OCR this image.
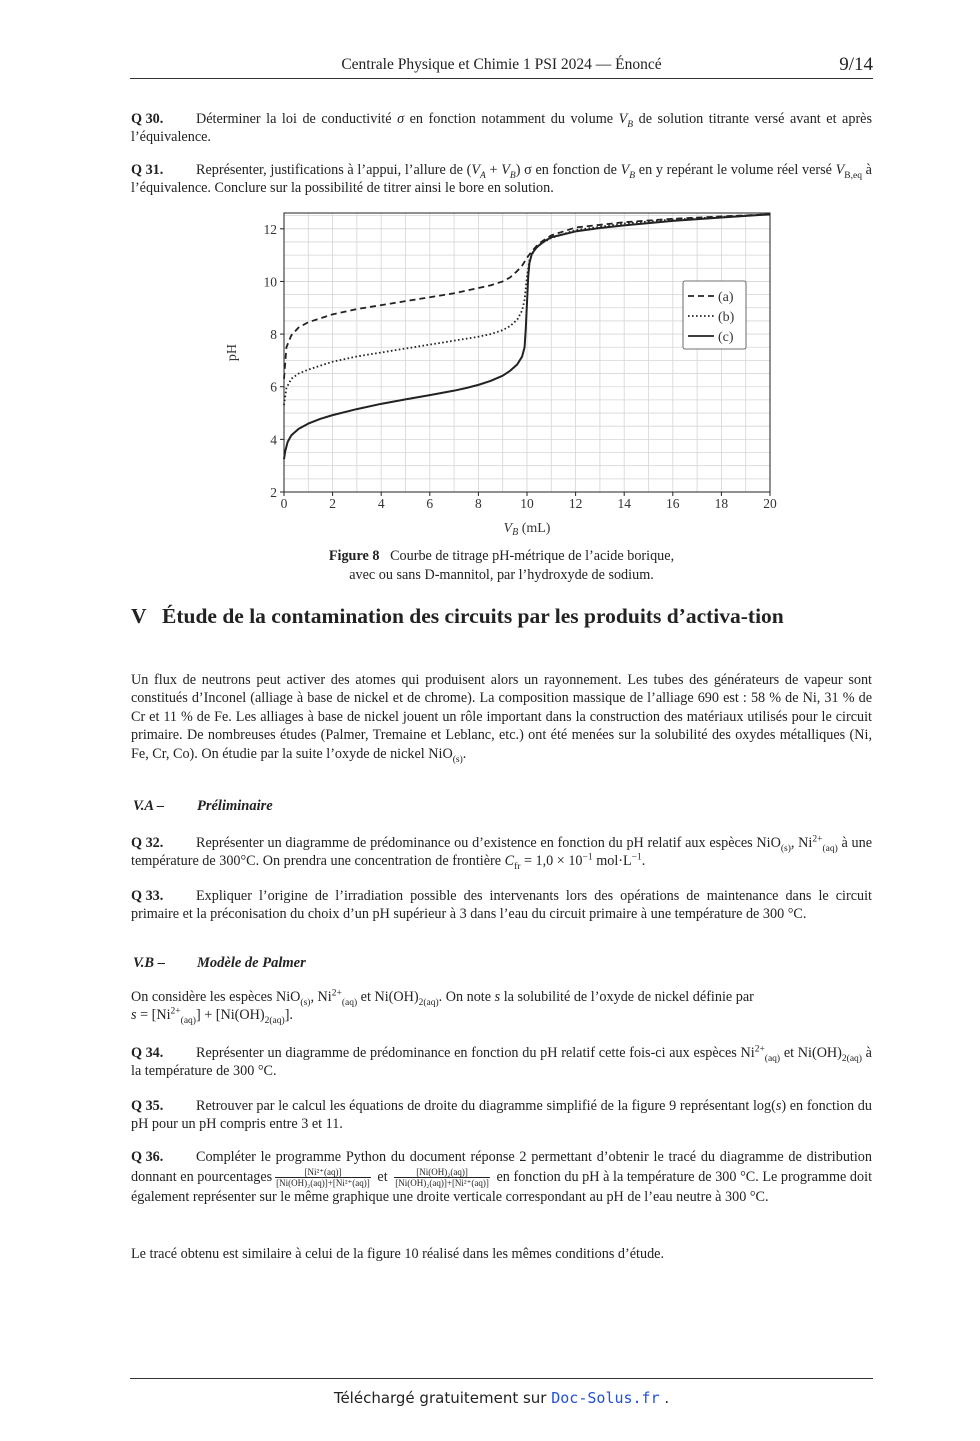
Centrale Physique et Chimie 1 PSI 2024 — Énoncé	9/14
Q 30. Déterminer la loi de conductivité σ en fonction notamment du volume $V_B$ de solution titrante versé avant et après l’équivalence.
Q 31. Représenter, justifications à l’appui, l’allure de $(V_A + V_B)$ σ en fonction de $V_B$ en y repérant le volume réel versé $V_{B,eq}$ à l’équivalence. Conclure sur la possibilité de titrer ainsi le bore en solution.
0	2	4	6	8	10	12	14	16	18	20
2
4
6
8
10
12
$V_B$ (mL)
pH
(a)
(b)
(c)
Figure 8 Courbe de titrage pH-métrique de l’acide borique,
avec ou sans D-mannitol, par l’hydroxyde de sodium.
V Étude de la contamination des circuits par les produits d’activa-tion
Un flux de neutrons peut activer des atomes qui produisent alors un rayonnement. Les tubes des générateurs de vapeur sont constitués d’Inconel (alliage à base de nickel et de chrome). La composition massique de l’alliage 690 est : 58 % de Ni, 31 % de Cr et 11 % de Fe. Les alliages à base de nickel jouent un rôle important dans la construction des matériaux utilisés pour le circuit primaire. De nombreuses études (Palmer, Tremaine et Leblanc, etc.) ont été menées sur la solubilité des oxydes métalliques (Ni, Fe, Cr, Co). On étudie par la suite l’oxyde de nickel NiO$_{(s)}$.
V.A – Préliminaire
Q 32. Représenter un diagramme de prédominance ou d’existence en fonction du pH relatif aux espèces NiO$_{(s)}$, $Ni^{2+}_{(aq)}$ à une température de 300°C. On prendra une concentration de frontière $C_{fr} = 1,0 \times 10^{-1}$ $mol\cdot L^{-1}$.
Q 33. Expliquer l’origine de l’irradiation possible des intervenants lors des opérations de maintenance dans le circuit primaire et la préconisation du choix d’un pH supérieur à 3 dans l’eau du circuit primaire à une température de 300 °C.
V.B – Modèle de Palmer
On considère les espèces NiO$_{(s)}$, $Ni^{2+}_{(aq)}$ et $Ni(OH)_{2(aq)}$. On note s la solubilité de l’oxyde de nickel définie par
$s = [Ni^{2+}_{(aq)}] + [Ni(OH)_{2(aq)}]$.
Q 34. Représenter un diagramme de prédominance en fonction du pH relatif cette fois-ci aux espèces $Ni^{2+}_{(aq)}$ et $Ni(OH)_{2(aq)}$ à la température de 300 °C.
Q 35. Retrouver par le calcul les équations de droite du diagramme simplifié de la figure 9 représentant log(s) en fonction du pH pour un pH compris entre 3 et 11.
Q 36. Compléter le programme Python du document réponse 2 permettant d’obtenir le tracé du diagramme de distribution donnant en pourcentages $\frac{\text{[Ni²⁺(aq)]}}{\text{[Ni(OH)₂(aq)]+[Ni²⁺(aq)]}}$ et $\frac{\text{[Ni(OH)₂(aq)]}}{\text{[Ni(OH)₂(aq)]+[Ni²⁺(aq)]}}$ en fonction du pH à la température de 300 °C. Le programme doit également représenter sur le même graphique une droite verticale correspondant au pH de l’eau neutre à 300 °C.
Le tracé obtenu est similaire à celui de la figure 10 réalisé dans les mêmes conditions d’étude.
Téléchargé gratuitement sur Doc-Solus.fr .
